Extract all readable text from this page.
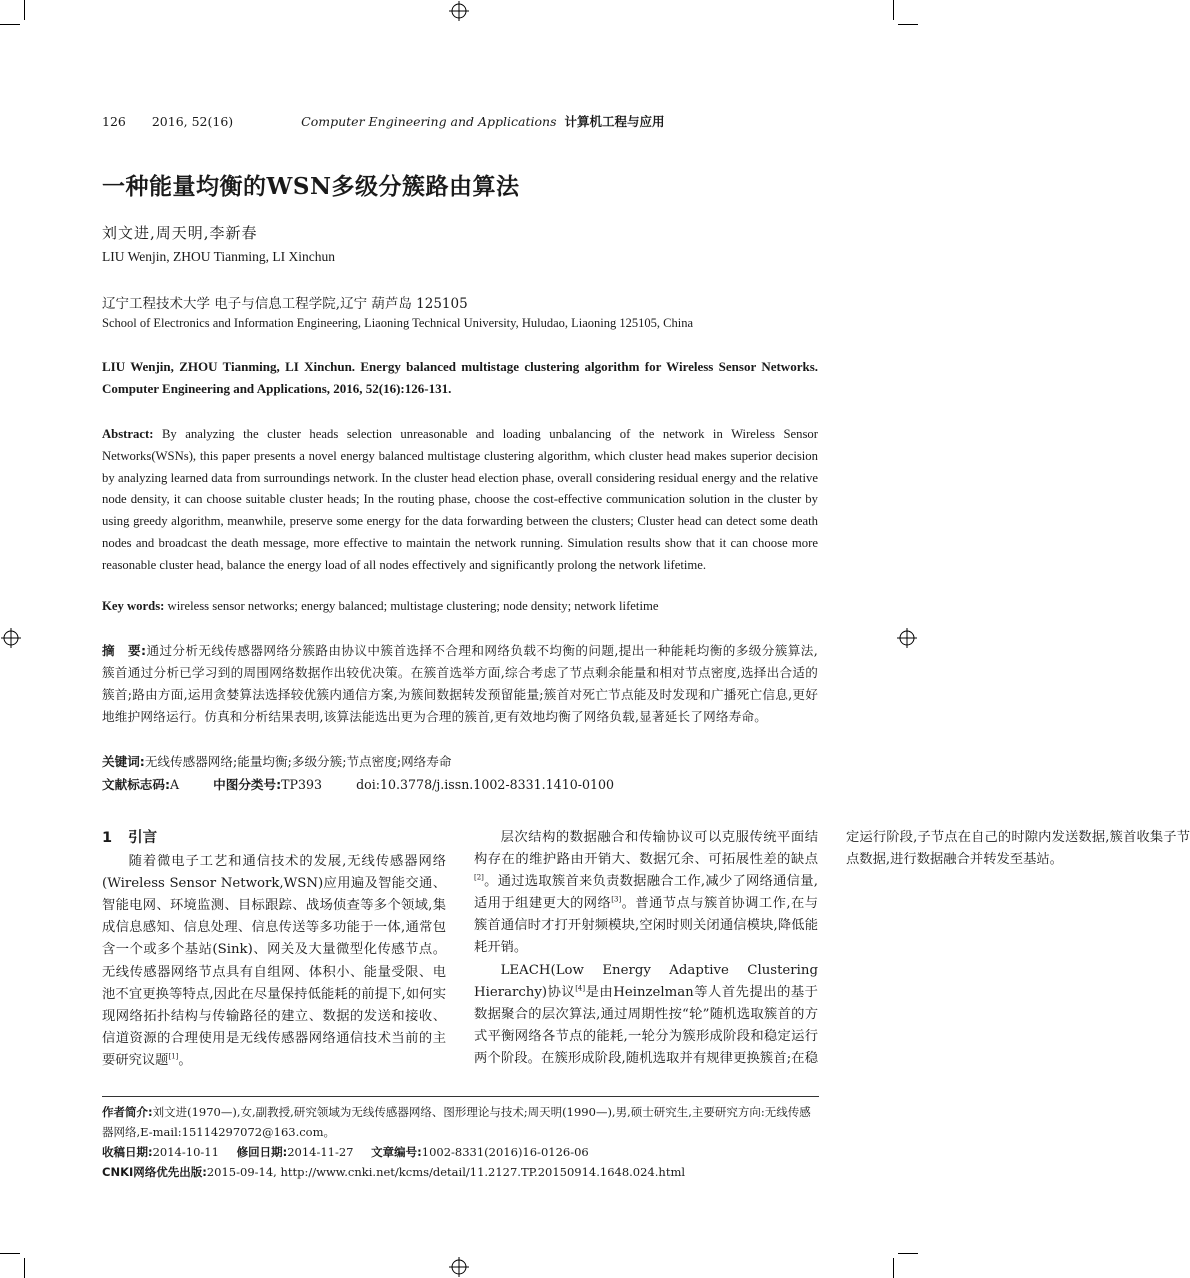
126 2016, 52(16)	Computer Engineering and Applications 计算机工程与应用
一种能量均衡的WSN多级分簇路由算法
刘文进,周天明,李新春
LIU Wenjin, ZHOU Tianming, LI Xinchun
辽宁工程技术大学 电子与信息工程学院,辽宁 葫芦岛 125105
School of Electronics and Information Engineering, Liaoning Technical University, Huludao, Liaoning 125105, China
LIU Wenjin, ZHOU Tianming, LI Xinchun. Energy balanced multistage clustering algorithm for Wireless Sensor Networks. Computer Engineering and Applications, 2016, 52(16):126-131.
Abstract: By analyzing the cluster heads selection unreasonable and loading unbalancing of the network in Wireless Sensor Networks(WSNs), this paper presents a novel energy balanced multistage clustering algorithm, which cluster head makes superior decision by analyzing learned data from surroundings network. In the cluster head election phase, overall considering residual energy and the relative node density, it can choose suitable cluster heads; In the routing phase, choose the cost-effective communication solution in the cluster by using greedy algorithm, meanwhile, preserve some energy for the data forwarding between the clusters; Cluster head can detect some death nodes and broadcast the death message, more effective to maintain the network running. Simulation results show that it can choose more reasonable cluster head, balance the energy load of all nodes effectively and significantly prolong the network lifetime.
Key words: wireless sensor networks; energy balanced; multistage clustering; node density; network lifetime
摘　要:通过分析无线传感器网络分簇路由协议中簇首选择不合理和网络负载不均衡的问题,提出一种能耗均衡的多级分簇算法,簇首通过分析已学习到的周围网络数据作出较优决策。在簇首选举方面,综合考虑了节点剩余能量和相对节点密度,选择出合适的簇首;路由方面,运用贪婪算法选择较优簇内通信方案,为簇间数据转发预留能量;簇首对死亡节点能及时发现和广播死亡信息,更好地维护网络运行。仿真和分析结果表明,该算法能选出更为合理的簇首,更有效地均衡了网络负载,显著延长了网络寿命。
关键词:无线传感器网络;能量均衡;多级分簇;节点密度;网络寿命
文献标志码:A	中图分类号:TP393	doi:10.3778/j.issn.1002-8331.1410-0100
作者简介:刘文进(1970—),女,副教授,研究领域为无线传感器网络、图形理论与技术;周天明(1990—),男,硕士研究生,主要研究方向:无线传感器网络,E-mail:15114297072@163.com。
收稿日期:2014-10-11 修回日期:2014-11-27 文章编号:1002-8331(2016)16-0126-06
CNKI网络优先出版:2015-09-14, http://www.cnki.net/kcms/detail/11.2127.TP.20150914.1648.024.html

1 引言

随着微电子工艺和通信技术的发展,无线传感器网络(Wireless Sensor Network,WSN)应用遍及智能交通、智能电网、环境监测、目标跟踪、战场侦查等多个领域,集成信息感知、信息处理、信息传送等多功能于一体,通常包含一个或多个基站(Sink)、网关及大量微型化传感节点。无线传感器网络节点具有自组网、体积小、能量受限、电池不宜更换等特点,因此在尽量保持低能耗的前提下,如何实现网络拓扑结构与传输路径的建立、数据的发送和接收、信道资源的合理使用是无线传感器网络通信技术当前的主要研究议题[1]。

层次结构的数据融合和传输协议可以克服传统平面结构存在的维护路由开销大、数据冗余、可拓展性差的缺点[2]。通过选取簇首来负责数据融合工作,减少了网络通信量,适用于组建更大的网络[3]。普通节点与簇首协调工作,在与簇首通信时才打开射频模块,空闲时则关闭通信模块,降低能耗开销。

LEACH(Low Energy Adaptive Clustering Hierarchy)协议[4]是由Heinzelman等人首先提出的基于数据聚合的层次算法,通过周期性按“轮”随机选取簇首的方式平衡网络各节点的能耗,一轮分为簇形成阶段和稳定运行两个阶段。在簇形成阶段,随机选取并有规律更换簇首;在稳定运行阶段,子节点在自己的时隙内发送数据,簇首收集子节点数据,进行数据融合并转发至基站。
